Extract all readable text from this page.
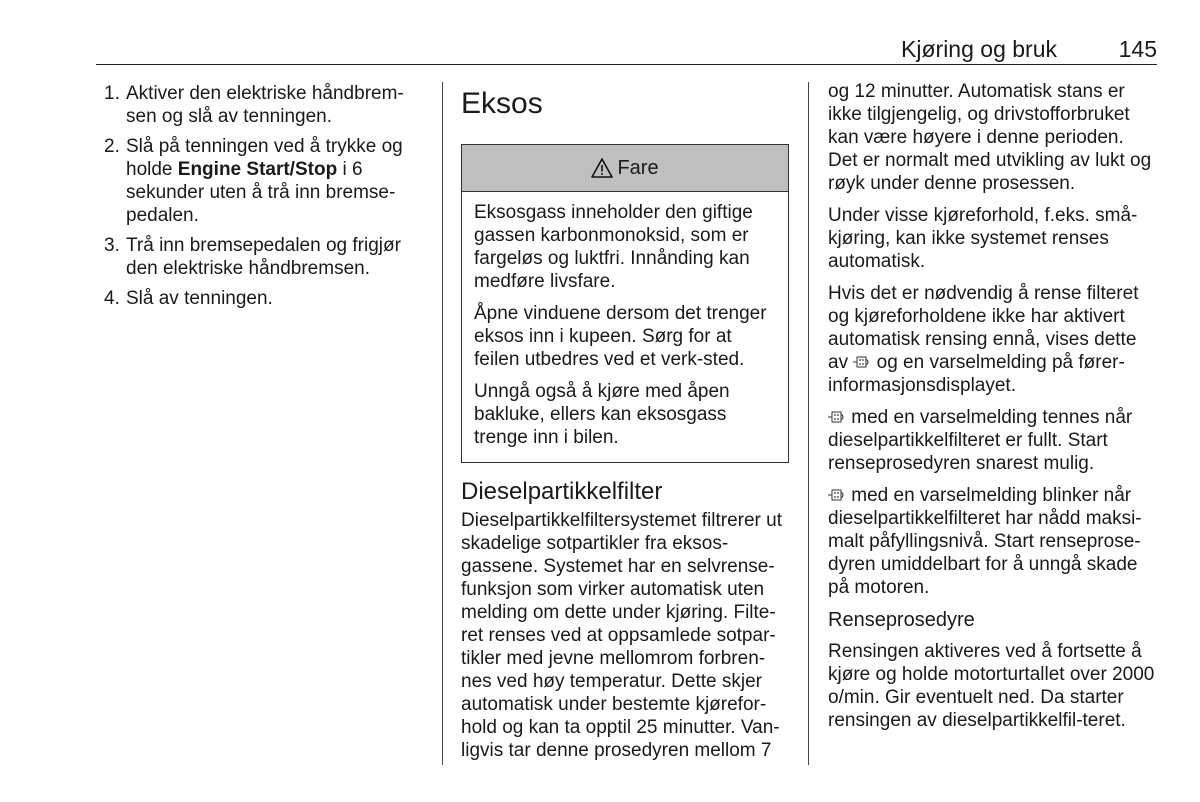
Kjøring og bruk	145
1. Aktiver den elektriske håndbrem-sen og slå av tenningen.
2. Slå på tenningen ved å trykke og holde Engine Start/Stop i 6 sekunder uten å trå inn bremse-pedalen.
3. Trå inn bremsepedalen og frigjør den elektriske håndbremsen.
4. Slå av tenningen.
Eksos
Fare

Eksosgass inneholder den giftige gassen karbonmonoksid, som er fargeløs og luktfri. Innånding kan medføre livsfare.

Åpne vinduene dersom det trenger eksos inn i kupeen. Sørg for at feilen utbedres ved et verk-sted.

Unngå også å kjøre med åpen bakluke, ellers kan eksosgass trenge inn i bilen.

Dieselpartikkelfilter

Dieselpartikkelfiltersystemet filtrerer ut skadelige sotpartikler fra eksos-gassene. Systemet har en selvrense-funksjon som virker automatisk uten melding om dette under kjøring. Filte-ret renses ved at oppsamlede sotpar-tikler med jevne mellomrom forbren-nes ved høy temperatur. Dette skjer automatisk under bestemte kjørefor-hold og kan ta opptil 25 minutter. Van-ligvis tar denne prosedyren mellom 7

og 12 minutter. Automatisk stans er ikke tilgjengelig, og drivstofforbruket kan være høyere i denne perioden. Det er normalt med utvikling av lukt og røyk under denne prosessen.

Under visse kjøreforhold, f.eks. små-kjøring, kan ikke systemet renses automatisk.

Hvis det er nødvendig å rense filteret og kjøreforholdene ikke har aktivert automatisk rensing ennå, vises dette av  og en varselmelding på fører-informasjonsdisplayet.

med en varselmelding tennes når dieselpartikkelfilteret er fullt. Start renseprosedyren snarest mulig.

med en varselmelding blinker når dieselpartikkelfilteret har nådd maksi-malt påfyllingsnivå. Start renseprose-dyren umiddelbart for å unngå skade på motoren.

Renseprosedyre

Rensingen aktiveres ved å fortsette å kjøre og holde motorturtallet over 2000 o/min. Gir eventuelt ned. Da starter rensingen av dieselpartikkelfil-teret.
